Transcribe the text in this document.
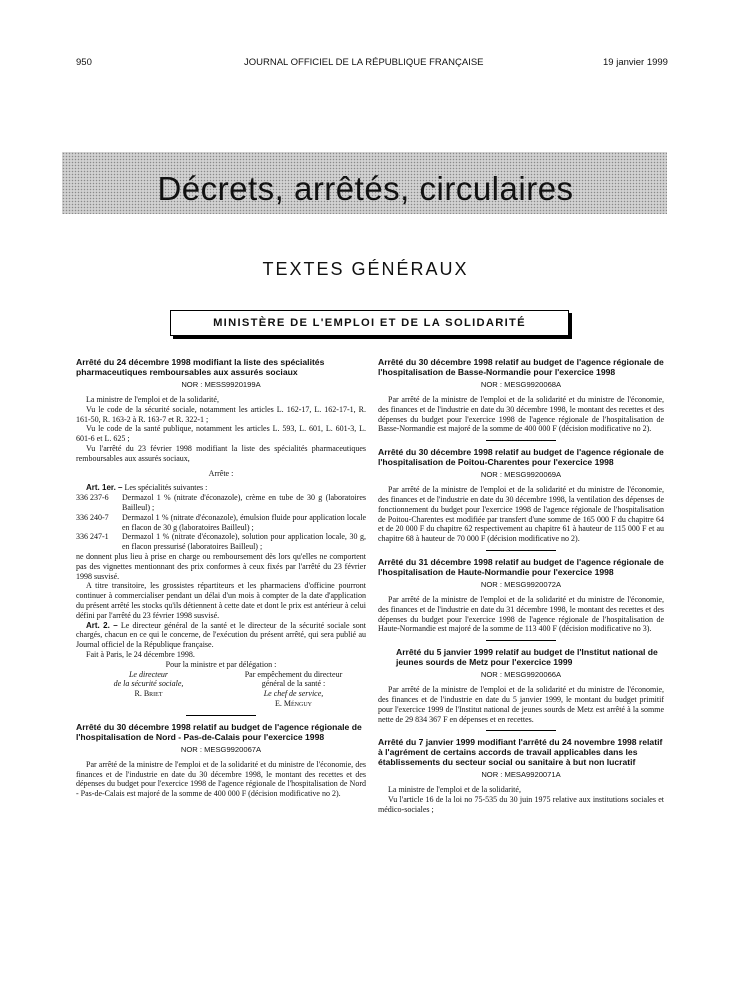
950	JOURNAL OFFICIEL DE LA RÉPUBLIQUE FRANÇAISE	19 janvier 1999
Décrets, arrêtés, circulaires
TEXTES GÉNÉRAUX
MINISTÈRE DE L'EMPLOI ET DE LA SOLIDARITÉ
Arrêté du 24 décembre 1998 modifiant la liste des spécialités pharmaceutiques remboursables aux assurés sociaux
NOR : MESS9920199A

La ministre de l'emploi et de la solidarité,

Vu le code de la sécurité sociale, notamment les articles L. 162-17, L. 162-17-1, R. 161-50, R. 163-2 à R. 163-7 et R. 322-1 ;

Vu le code de la santé publique, notamment les articles L. 593, L. 601, L. 601-3, L. 601-6 et L. 625 ;

Vu l'arrêté du 23 février 1998 modifiant la liste des spécialités pharmaceutiques remboursables aux assurés sociaux,

Arrête :

Art. 1er. – Les spécialités suivantes :

336 237-6	Dermazol 1 % (nitrate d'éconazole), crème en tube de 30 g (laboratoires Bailleul) ;
336 240-7	Dermazol 1 % (nitrate d'éconazole), émulsion fluide pour application locale en flacon de 30 g (laboratoires Bailleul) ;
336 247-1	Dermazol 1 % (nitrate d'éconazole), solution pour application locale, 30 g, en flacon pressurisé (laboratoires Bailleul) ;

ne donnent plus lieu à prise en charge ou remboursement dès lors qu'elles ne comportent pas des vignettes mentionnant des prix conformes à ceux fixés par l'arrêté du 23 février 1998 susvisé.

A titre transitoire, les grossistes répartiteurs et les pharmaciens d'officine pourront continuer à commercialiser pendant un délai d'un mois à compter de la date d'application du présent arrêté les stocks qu'ils détiennent à cette date et dont le prix est antérieur à celui défini par l'arrêté du 23 février 1998 susvisé.

Art. 2. – Le directeur général de la santé et le directeur de la sécurité sociale sont chargés, chacun en ce qui le concerne, de l'exécution du présent arrêté, qui sera publié au Journal officiel de la République française.

Fait à Paris, le 24 décembre 1998.

Pour la ministre et par délégation :

Le directeur
de la sécurité sociale,
R. Briet
Par empêchement du directeur
général de la santé :
Le chef de service,
E. Ménguy
Arrêté du 30 décembre 1998 relatif au budget de l'agence régionale de l'hospitalisation de Nord - Pas-de-Calais pour l'exercice 1998
NOR : MESG9920067A

Par arrêté de la ministre de l'emploi et de la solidarité et du ministre de l'économie, des finances et de l'industrie en date du 30 décembre 1998, le montant des recettes et des dépenses du budget pour l'exercice 1998 de l'agence régionale de l'hospitalisation de Nord - Pas-de-Calais est majoré de la somme de 400 000 F (décision modificative no 2).

Arrêté du 30 décembre 1998 relatif au budget de l'agence régionale de l'hospitalisation de Basse-Normandie pour l'exercice 1998
NOR : MESG9920068A

Par arrêté de la ministre de l'emploi et de la solidarité et du ministre de l'économie, des finances et de l'industrie en date du 30 décembre 1998, le montant des recettes et des dépenses du budget pour l'exercice 1998 de l'agence régionale de l'hospitalisation de Basse-Normandie est majoré de la somme de 400 000 F (décision modificative no 2).

Arrêté du 30 décembre 1998 relatif au budget de l'agence régionale de l'hospitalisation de Poitou-Charentes pour l'exercice 1998
NOR : MESG9920069A

Par arrêté de la ministre de l'emploi et de la solidarité et du ministre de l'économie, des finances et de l'industrie en date du 30 décembre 1998, la ventilation des dépenses de fonctionnement du budget pour l'exercice 1998 de l'agence régionale de l'hospitalisation de Poitou-Charentes est modifiée par transfert d'une somme de 165 000 F du chapitre 64 et de 20 000 F du chapitre 62 respectivement au chapitre 61 à hauteur de 115 000 F et au chapitre 68 à hauteur de 70 000 F (décision modificative no 2).

Arrêté du 31 décembre 1998 relatif au budget de l'agence régionale de l'hospitalisation de Haute-Normandie pour l'exercice 1998
NOR : MESG9920072A

Par arrêté de la ministre de l'emploi et de la solidarité et du ministre de l'économie, des finances et de l'industrie en date du 31 décembre 1998, le montant des recettes et des dépenses du budget pour l'exercice 1998 de l'agence régionale de l'hospitalisation de Haute-Normandie est majoré de la somme de 113 400 F (décision modificative no 3).

Arrêté du 5 janvier 1999 relatif au budget de l'Institut national de jeunes sourds de Metz pour l'exercice 1999
NOR : MESG9920066A

Par arrêté de la ministre de l'emploi et de la solidarité et du ministre de l'économie, des finances et de l'industrie en date du 5 janvier 1999, le montant du budget primitif pour l'exercice 1999 de l'Institut national de jeunes sourds de Metz est arrêté à la somme nette de 29 834 367 F en dépenses et en recettes.

Arrêté du 7 janvier 1999 modifiant l'arrêté du 24 novembre 1998 relatif à l'agrément de certains accords de travail applicables dans les établissements du secteur social ou sanitaire à but non lucratif
NOR : MESA9920071A

La ministre de l'emploi et de la solidarité,

Vu l'article 16 de la loi no 75-535 du 30 juin 1975 relative aux institutions sociales et médico-sociales ;
